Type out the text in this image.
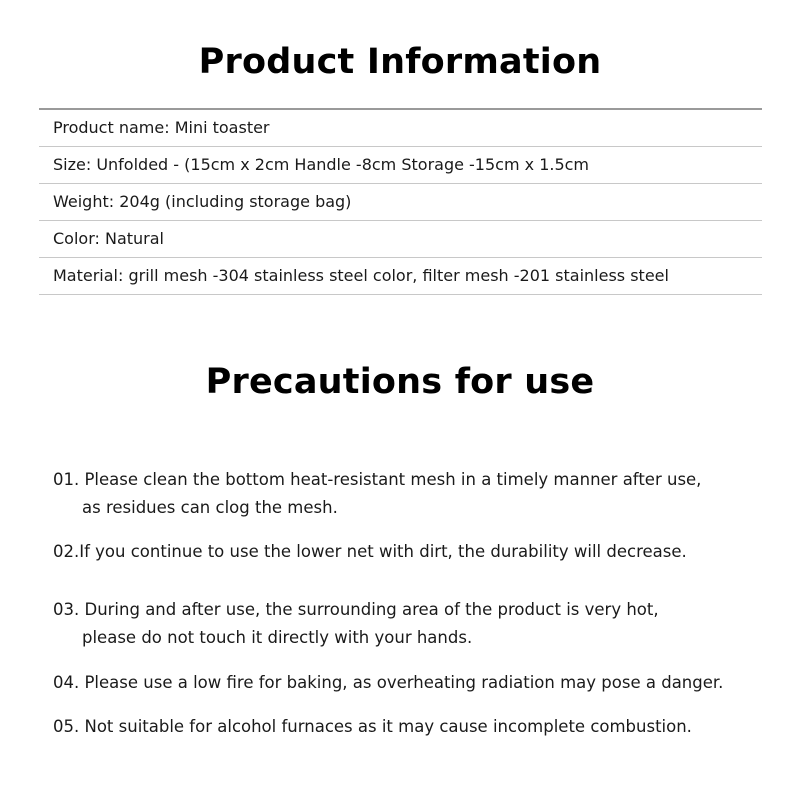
Product Information
Product name: Mini toaster
Size: Unfolded - (15cm x 2cm Handle -8cm Storage -15cm x 1.5cm
Weight: 204g (including storage bag)
Color: Natural
Material: grill mesh -304 stainless steel color, filter mesh -201 stainless steel
Precautions for use
01. Please clean the bottom heat-resistant mesh in a timely manner after use,
as residues can clog the mesh.
02.If you continue to use the lower net with dirt, the durability will decrease.
03. During and after use, the surrounding area of the product is very hot,
please do not touch it directly with your hands.
04. Please use a low fire for baking, as overheating radiation may pose a danger.
05. Not suitable for alcohol furnaces as it may cause incomplete combustion.
